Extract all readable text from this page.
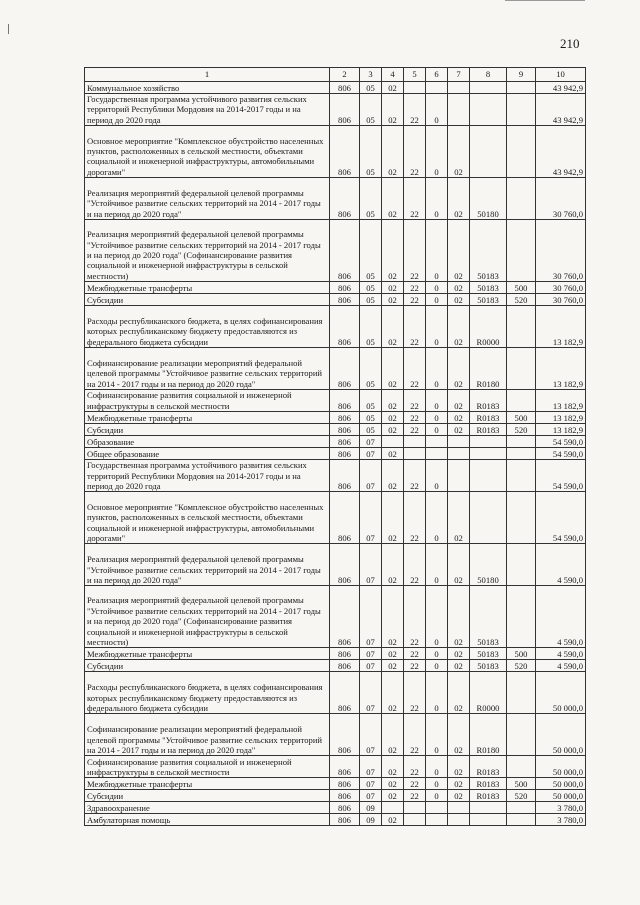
210
1	2	3	4	5	6	7	8	9	10
Коммунальное хозяйство	806	05	02						43 942,9
Государственная программа устойчивого развития сельских территорий Республики Мордовия на 2014-2017 годы и на период до 2020 года	806	05	02	22	0				43 942,9
Основное мероприятие "Комплексное обустройство населенных пунктов, расположенных в сельской местности, объектами социальной и инженерной инфраструктуры, автомобильными дорогами"	806	05	02	22	0	02			43 942,9
Реализация мероприятий федеральной целевой программы "Устойчивое развитие сельских территорий на 2014 - 2017 годы и на период до 2020 года"	806	05	02	22	0	02	50180		30 760,0
Реализация мероприятий федеральной целевой программы "Устойчивое развитие сельских территорий на 2014 - 2017 годы и на период до 2020 года" (Софинансирование развития социальной и инженерной инфраструктуры в сельской местности)	806	05	02	22	0	02	50183		30 760,0
Межбюджетные трансферты	806	05	02	22	0	02	50183	500	30 760,0
Субсидии	806	05	02	22	0	02	50183	520	30 760,0
Расходы республиканского бюджета, в целях софинансирования которых республиканскому бюджету предоставляются из федерального бюджета субсидии	806	05	02	22	0	02	R0000		13 182,9
Софинансирование реализации мероприятий федеральной целевой программы "Устойчивое развитие сельских территорий на 2014 - 2017 годы и на период до 2020 года"	806	05	02	22	0	02	R0180		13 182,9
Софинансирование развития социальной и инженерной инфраструктуры в сельской местности	806	05	02	22	0	02	R0183		13 182,9
Межбюджетные трансферты	806	05	02	22	0	02	R0183	500	13 182,9
Субсидии	806	05	02	22	0	02	R0183	520	13 182,9
Образование	806	07							54 590,0
Общее образование	806	07	02						54 590,0
Государственная программа устойчивого развития сельских территорий Республики Мордовия на 2014-2017 годы и на период до 2020 года	806	07	02	22	0				54 590,0
Основное мероприятие "Комплексное обустройство населенных пунктов, расположенных в сельской местности, объектами социальной и инженерной инфраструктуры, автомобильными дорогами"	806	07	02	22	0	02			54 590,0
Реализация мероприятий федеральной целевой программы "Устойчивое развитие сельских территорий на 2014 - 2017 годы и на период до 2020 года"	806	07	02	22	0	02	50180		4 590,0
Реализация мероприятий федеральной целевой программы "Устойчивое развитие сельских территорий на 2014 - 2017 годы и на период до 2020 года" (Софинансирование развития социальной и инженерной инфраструктуры в сельской местности)	806	07	02	22	0	02	50183		4 590,0
Межбюджетные трансферты	806	07	02	22	0	02	50183	500	4 590,0
Субсидии	806	07	02	22	0	02	50183	520	4 590,0
Расходы республиканского бюджета, в целях софинансирования которых республиканскому бюджету предоставляются из федерального бюджета субсидии	806	07	02	22	0	02	R0000		50 000,0
Софинансирование реализации мероприятий федеральной целевой программы "Устойчивое развитие сельских территорий на 2014 - 2017 годы и на период до 2020 года"	806	07	02	22	0	02	R0180		50 000,0
Софинансирование развития социальной и инженерной инфраструктуры в сельской местности	806	07	02	22	0	02	R0183		50 000,0
Межбюджетные трансферты	806	07	02	22	0	02	R0183	500	50 000,0
Субсидии	806	07	02	22	0	02	R0183	520	50 000,0
Здравоохранение	806	09							3 780,0
Амбулаторная помощь	806	09	02						3 780,0
